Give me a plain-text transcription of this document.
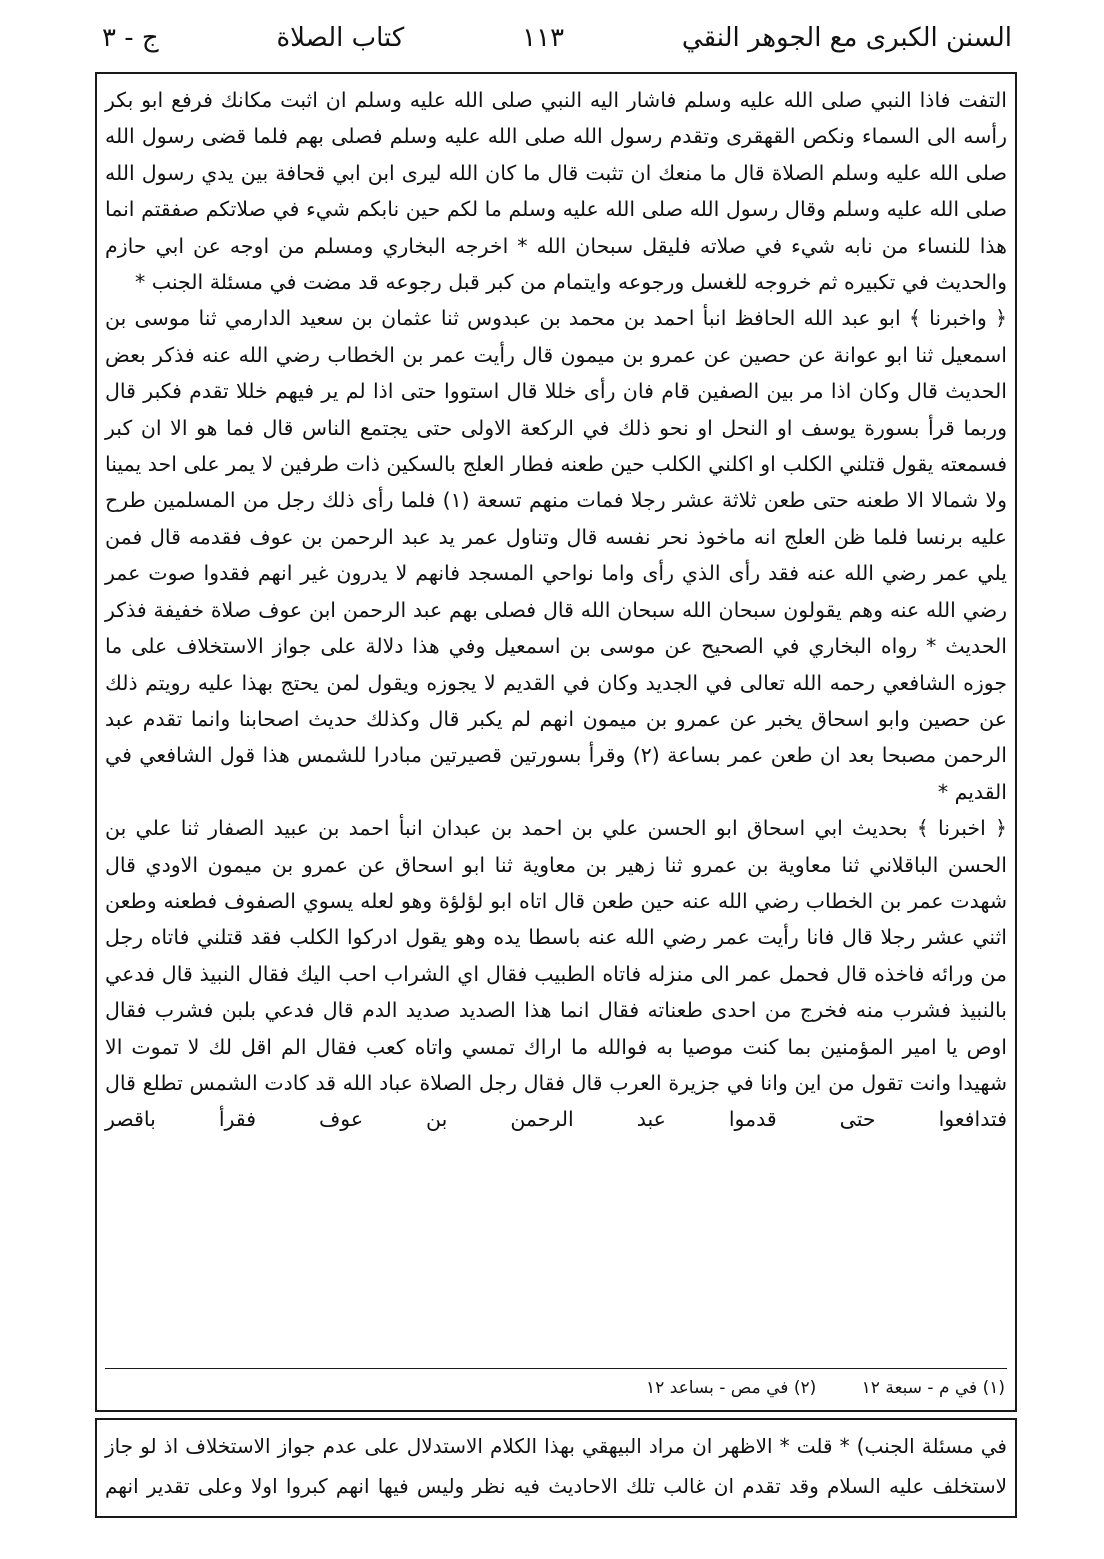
السنن الكبرى مع الجوهر النقي
١١٣
كتاب الصلاة
ج - ٣

التفت فاذا النبي صلى الله عليه وسلم فاشار اليه النبي صلى الله عليه وسلم ان اثبت مكانك فرفع ابو بكر رأسه الى السماء ونكص القهقرى وتقدم رسول الله صلى الله عليه وسلم فصلى بهم فلما قضى رسول الله صلى الله عليه وسلم الصلاة قال ما منعك ان تثبت قال ما كان الله ليرى ابن ابي قحافة بين يدي رسول الله صلى الله عليه وسلم وقال رسول الله صلى الله عليه وسلم ما لكم حين نابكم شيء في صلاتكم صفقتم انما هذا للنساء من نابه شيء في صلاته فليقل سبحان الله * اخرجه البخاري ومسلم من اوجه عن ابي حازم والحديث في تكبيره ثم خروجه للغسل ورجوعه وايتمام من كبر قبل رجوعه قد مضت في مسئلة الجنب *

﴿ واخبرنا ﴾ ابو عبد الله الحافظ انبأ احمد بن محمد بن عبدوس ثنا عثمان بن سعيد الدارمي ثنا موسى بن اسمعيل ثنا ابو عوانة عن حصين عن عمرو بن ميمون قال رأيت عمر بن الخطاب رضي الله عنه فذكر بعض الحديث قال وكان اذا مر بين الصفين قام فان رأى خللا قال استووا حتى اذا لم ير فيهم خللا تقدم فكبر قال وربما قرأ بسورة يوسف او النحل او نحو ذلك في الركعة الاولى حتى يجتمع الناس قال فما هو الا ان كبر فسمعته يقول قتلني الكلب او اكلني الكلب حين طعنه فطار العلج بالسكين ذات طرفين لا يمر على احد يمينا ولا شمالا الا طعنه حتى طعن ثلاثة عشر رجلا فمات منهم تسعة (١) فلما رأى ذلك رجل من المسلمين طرح عليه برنسا فلما ظن العلج انه ماخوذ نحر نفسه قال وتناول عمر يد عبد الرحمن بن عوف فقدمه قال فمن يلي عمر رضي الله عنه فقد رأى الذي رأى واما نواحي المسجد فانهم لا يدرون غير انهم فقدوا صوت عمر رضي الله عنه وهم يقولون سبحان الله سبحان الله قال فصلى بهم عبد الرحمن ابن عوف صلاة خفيفة فذكر الحديث * رواه البخاري في الصحيح عن موسى بن اسمعيل وفي هذا دلالة على جواز الاستخلاف على ما جوزه الشافعي رحمه الله تعالى في الجديد وكان في القديم لا يجوزه ويقول لمن يحتج بهذا عليه رويتم ذلك عن حصين وابو اسحاق يخبر عن عمرو بن ميمون انهم لم يكبر قال وكذلك حديث اصحابنا وانما تقدم عبد الرحمن مصبحا بعد ان طعن عمر بساعة (٢) وقرأ بسورتين قصيرتين مبادرا للشمس هذا قول الشافعي في القديم *

﴿ اخبرنا ﴾ بحديث ابي اسحاق ابو الحسن علي بن احمد بن عبدان انبأ احمد بن عبيد الصفار ثنا علي بن الحسن الباقلاني ثنا معاوية بن عمرو ثنا زهير بن معاوية ثنا ابو اسحاق عن عمرو بن ميمون الاودي قال شهدت عمر بن الخطاب رضي الله عنه حين طعن قال اتاه ابو لؤلؤة وهو لعله يسوي الصفوف فطعنه وطعن اثني عشر رجلا قال فانا رأيت عمر رضي الله عنه باسطا يده وهو يقول ادركوا الكلب فقد قتلني فاتاه رجل من ورائه فاخذه قال فحمل عمر الى منزله فاتاه الطبيب فقال اي الشراب احب اليك فقال النبيذ قال فدعي بالنبيذ فشرب منه فخرج من احدى طعناته فقال انما هذا الصديد صديد الدم قال فدعي بلبن فشرب فقال اوص يا امير المؤمنين بما كنت موصيا به فوالله ما اراك تمسي واتاه كعب فقال الم اقل لك لا تموت الا شهيدا وانت تقول من اين وانا في جزيرة العرب قال فقال رجل الصلاة عباد الله قد كادت الشمس تطلع قال فتدافعوا حتى قدموا عبد الرحمن بن عوف فقرأ باقصر

(١) في م - سبعة ١٢ (٢) في مص - بساعد ١٢
في مسئلة الجنب) * قلت * الاظهر ان مراد البيهقي بهذا الكلام الاستدلال على عدم جواز الاستخلاف اذ لو جاز لاستخلف عليه السلام وقد تقدم ان غالب تلك الاحاديث فيه نظر وليس فيها انهم كبروا اولا وعلى تقدير انهم
